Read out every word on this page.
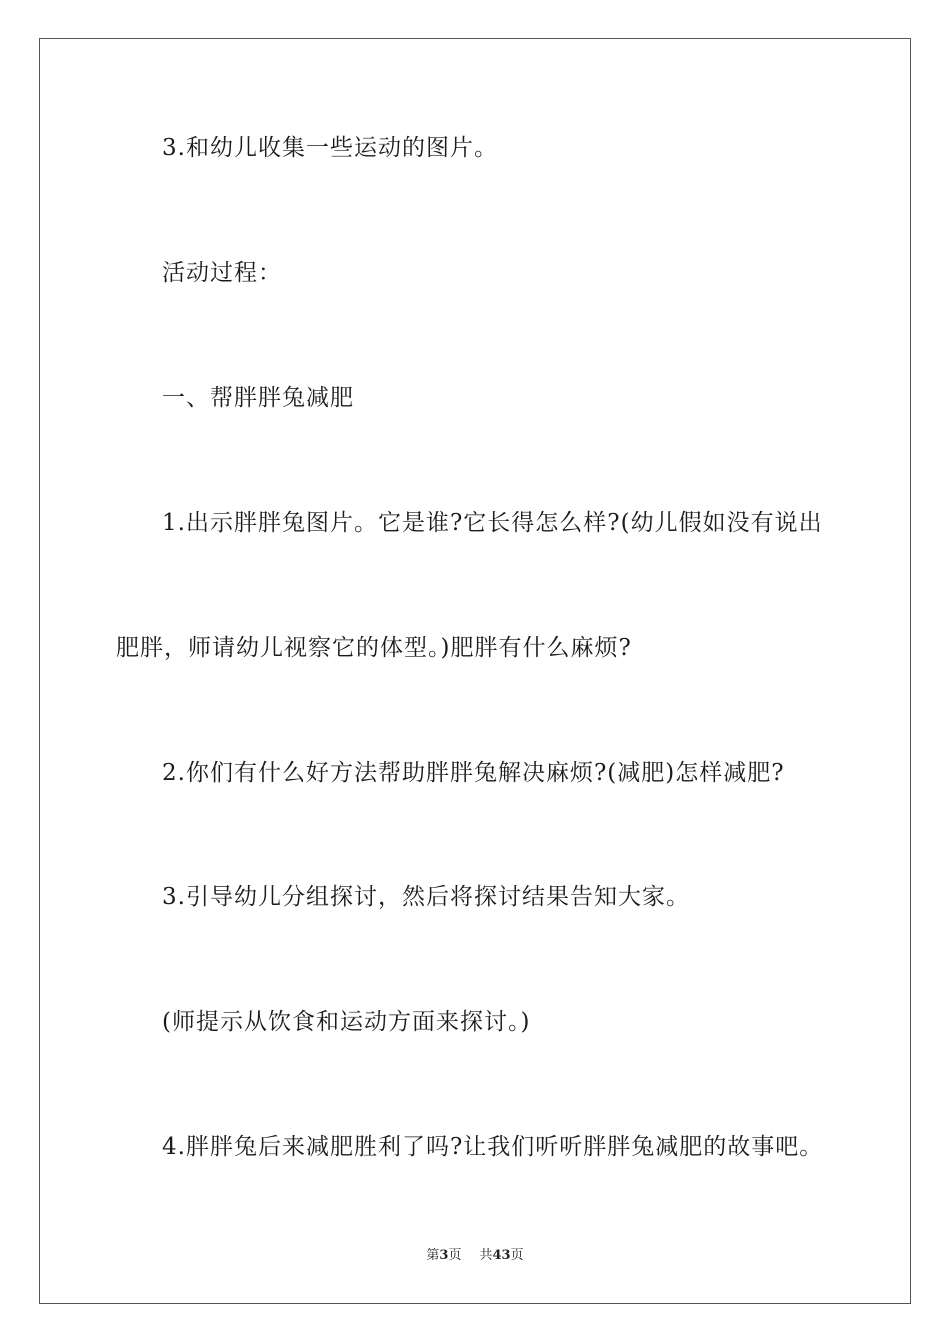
3.和幼儿收集一些运动的图片。
活动过程：
一、帮胖胖兔减肥
1.出示胖胖兔图片。它是谁?它长得怎么样?(幼儿假如没有说出
肥胖，师请幼儿视察它的体型。)肥胖有什么麻烦?
2.你们有什么好方法帮助胖胖兔解决麻烦?(减肥)怎样减肥?
3.引导幼儿分组探讨，然后将探讨结果告知大家。
(师提示从饮食和运动方面来探讨。)
4.胖胖兔后来减肥胜利了吗?让我们听听胖胖兔减肥的故事吧。
第3页 共43页
